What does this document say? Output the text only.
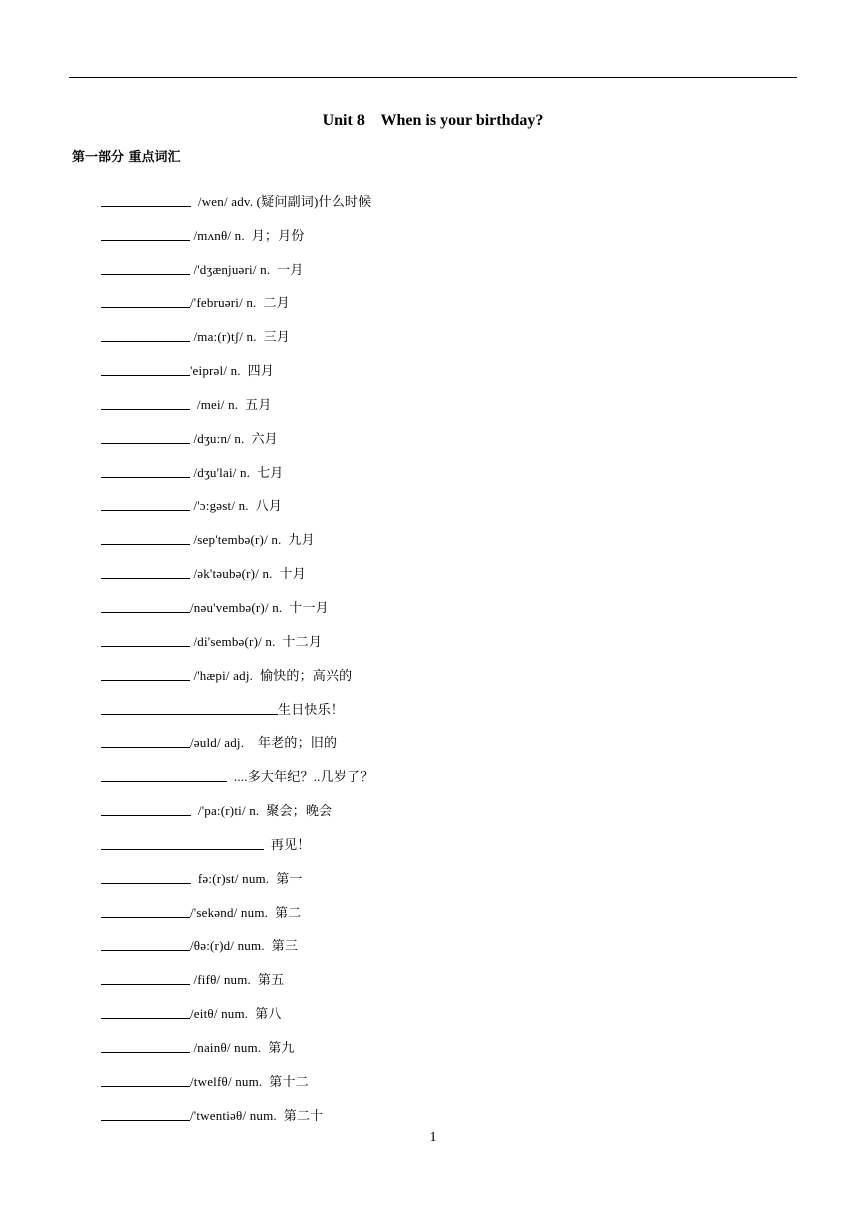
Unit 8    When is your birthday?
第一部分 重点词汇
/wen/ adv. (疑问副词)什么时候
/mʌnθ/ n.  月；月份
/'dʒænjuəri/ n.  一月
/'februəri/ n.  二月
/ma:(r)tʃ/ n.  三月
'eiprəl/ n.  四月
/mei/ n.  五月
/dʒu:n/ n.  六月
/dʒu'lai/ n.  七月
/'ɔ:gəst/ n.  八月
/sep'tembə(r)/ n.  九月
/ək'təubə(r)/ n.  十月
/nəu'vembə(r)/ n.  十一月
/di'sembə(r)/ n.  十二月
/'hæpi/ adj.  愉快的；高兴的
生日快乐！
/əuld/ adj.    年老的；旧的
....多大年纪？..几岁了？
/'pa:(r)ti/ n.  聚会；晚会
再见！
fə:(r)st/ num.  第一
/'sekənd/ num.  第二
/θə:(r)d/ num.  第三
/fifθ/ num.  第五
/eitθ/ num.  第八
/nainθ/ num.  第九
/twelfθ/ num.  第十二
/'twentiəθ/ num.  第二十
1
